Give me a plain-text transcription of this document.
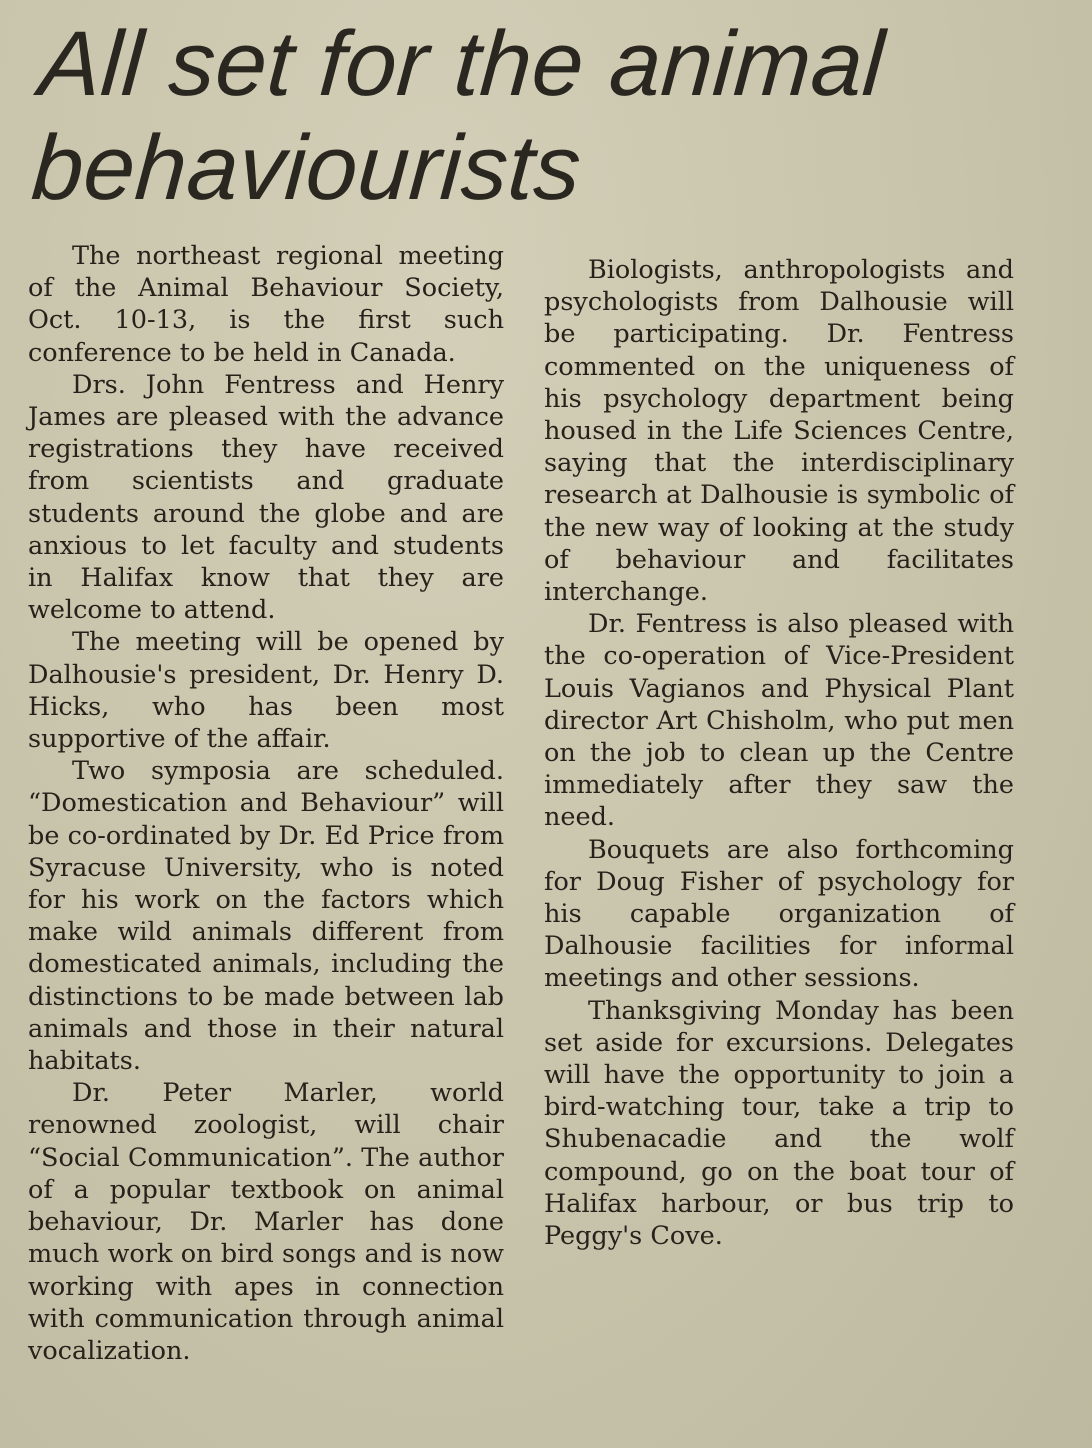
All set for the animal
behaviourists

The northeast regional meeting of the Animal Behaviour Society, Oct. 10-13, is the first such conference to be held in Canada.

Drs. John Fentress and Henry James are pleased with the advance registrations they have received from scientists and graduate students around the globe and are anxious to let faculty and students in Halifax know that they are welcome to attend.

The meeting will be opened by Dalhousie's president, Dr. Henry D. Hicks, who has been most supportive of the affair.

Two symposia are scheduled. “Domestication and Behaviour” will be co-ordinated by Dr. Ed Price from Syracuse University, who is noted for his work on the factors which make wild animals different from domesticated animals, including the distinctions to be made between lab animals and those in their natural habitats.

Dr. Peter Marler, world renowned zoologist, will chair “Social Communication”. The author of a popular textbook on animal behaviour, Dr. Marler has done much work on bird songs and is now working with apes in connection with communication through animal vocalization.

Biologists, anthropologists and psychologists from Dalhousie will be participating. Dr. Fentress commented on the uniqueness of his psychology department being housed in the Life Sciences Centre, saying that the interdisciplinary research at Dalhousie is symbolic of the new way of looking at the study of behaviour and facilitates interchange.

Dr. Fentress is also pleased with the co-operation of Vice-President Louis Vagianos and Physical Plant director Art Chisholm, who put men on the job to clean up the Centre immediately after they saw the need.

Bouquets are also forthcoming for Doug Fisher of psychology for his capable organization of Dalhousie facilities for informal meetings and other sessions.

Thanksgiving Monday has been set aside for excursions. Delegates will have the opportunity to join a bird-watching tour, take a trip to Shubenacadie and the wolf compound, go on the boat tour of Halifax harbour, or bus trip to Peggy's Cove.
